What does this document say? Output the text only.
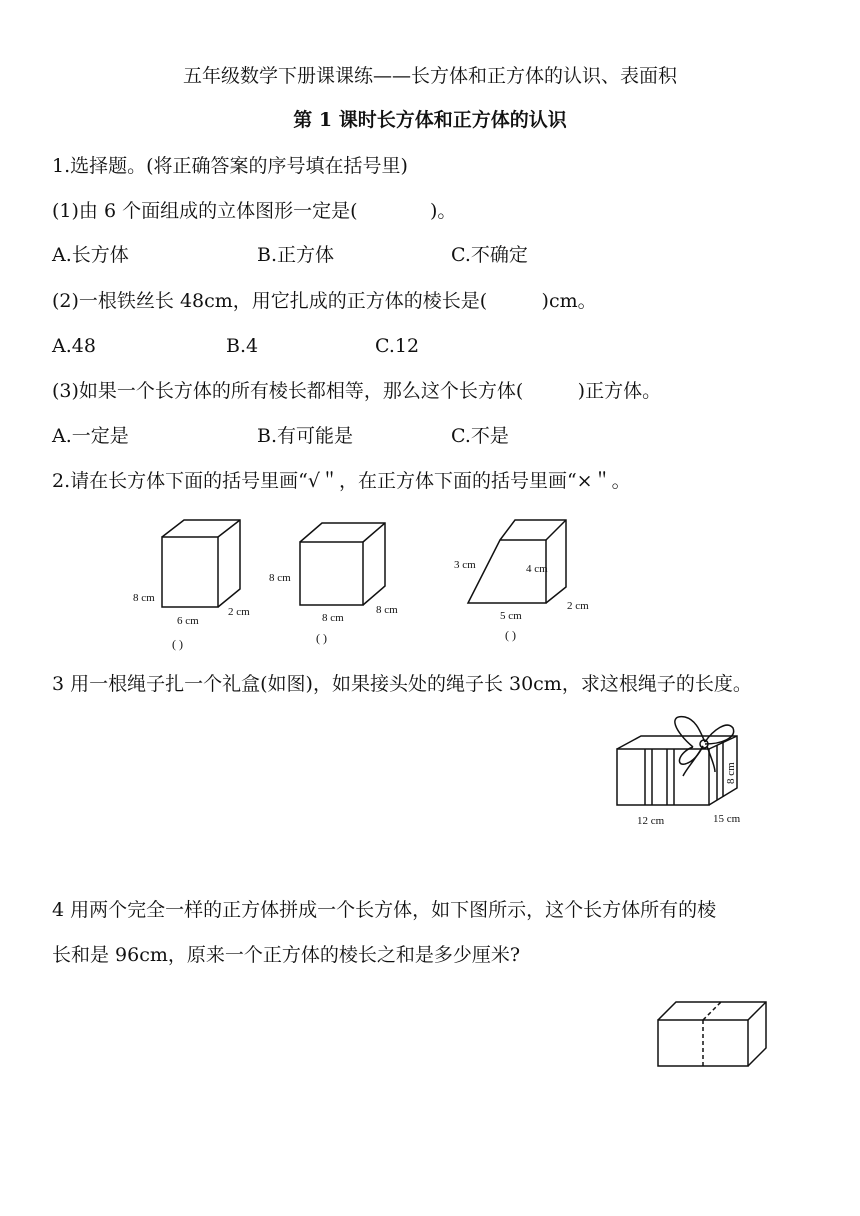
五年级数学下册课课练——长方体和正方体的认识、表面积
第 1 课时长方体和正方体的认识
1.选择题。(将正确答案的序号填在括号里)
(1)由 6 个面组成的立体图形一定是(            )。
A.长方体	B.正方体	C.不确定
(2)一根铁丝长 48cm，用它扎成的正方体的棱长是(         )cm。
A.48	B.4	C.12
(3)如果一个长方体的所有棱长都相等，那么这个长方体(         )正方体。
A.一定是	B.有可能是	C.不是
2.请在长方体下面的括号里画“√＂，在正方体下面的括号里画“×＂。
8 cm
6 cm
2 cm
( )
8 cm
8 cm
8 cm
( )
3 cm	4 cm
5 cm
2 cm
( )
3 用一根绳子扎一个礼盒(如图)，如果接头处的绳子长 30cm，求这根绳子的长度。
12 cm	15 cm
8 cm
4 用两个完全一样的正方体拼成一个长方体，如下图所示，这个长方体所有的棱
长和是 96cm，原来一个正方体的棱长之和是多少厘米?
